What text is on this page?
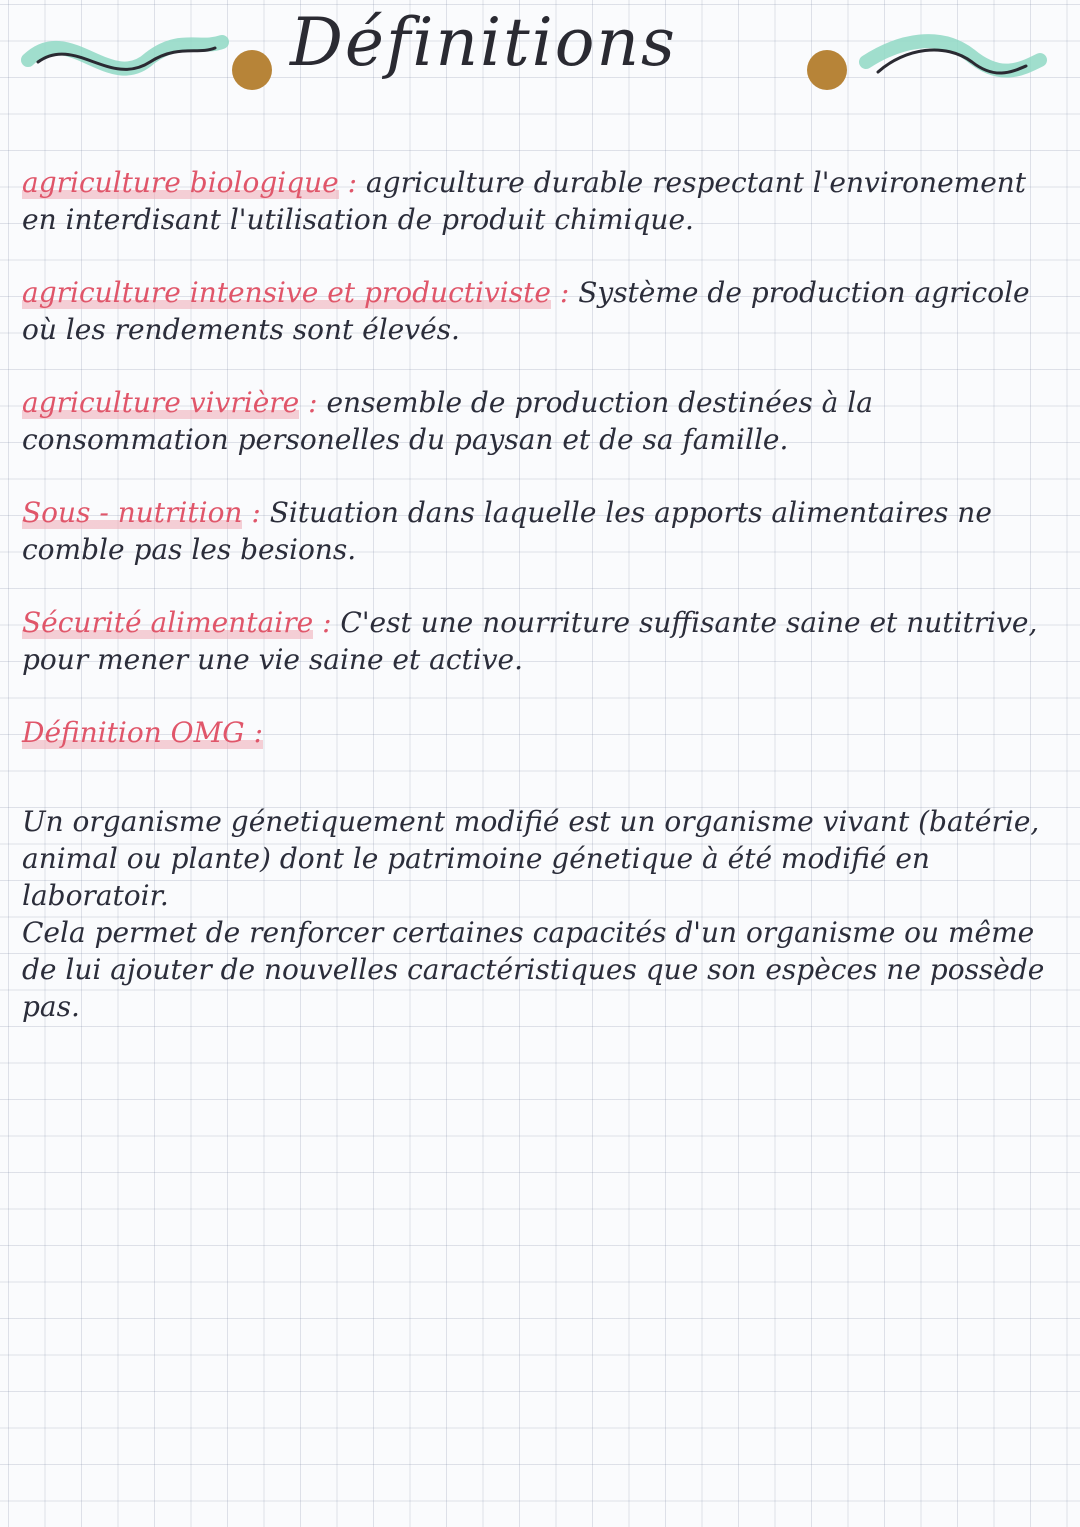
Définitions

agriculture biologique : agriculture durable respectant l'environement en interdisant l'utilisation de produit chimique.

agriculture intensive et productiviste : Système de production agricole où les rendements sont élevés.

agriculture vivrière : ensemble de production destinées à la consommation personelles du paysan et de sa famille.

Sous - nutrition : Situation dans laquelle les apports alimentaires ne comble pas les besions.

Sécurité alimentaire : C'est une nourriture suffisante saine et nutitrive, pour mener une vie saine et active.

Définition OMG :

Un organisme génetiquement modifié est un organisme vivant (batérie, animal ou plante) dont le patrimoine génetique à été modifié en laboratoir.

Cela permet de renforcer certaines capacités d'un organisme ou même de lui ajouter de nouvelles caractéristiques que son espèces ne possède pas.
